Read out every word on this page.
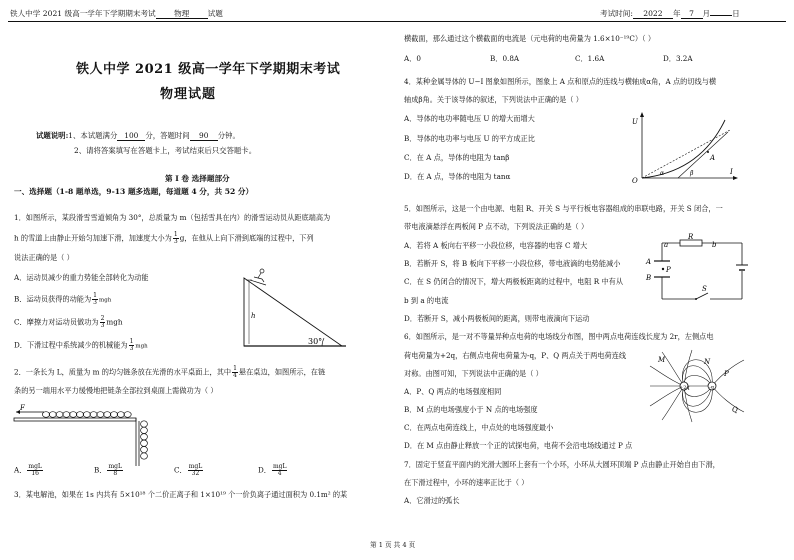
铁人中学 2021 级高一学年下学期期末考试 物理 试题	考试时间: 2022 年 7 月	日
铁人中学 2021 级高一学年下学期期末考试
物理试题
试题说明:1、本试题满分 100 分，答题时间 90 分钟。
2、请将答案填写在答题卡上，考试结束后只交答题卡。
第 I 卷 选择题部分
一、选择题（1-8 题单选，9-13 题多选题，每道题 4 分，共 52 分）
1．如图所示，某段滑雪雪道倾角为 30°，总质量为 m（包括雪具在内）的滑雪运动员从距底端高为
h 的雪道上由静止开始匀加速下滑，加速度大小为 $\frac{1}{3}$ g，在他从上向下滑到底端的过程中，下列
说法正确的是（ ）
A．运动员减少的重力势能全部转化为动能
B．运动员获得的动能为 $\frac{1}{3}$ mgh
C．摩擦力对运动员做功为 $\frac{2}{3}$ mgh
D．下滑过程中系统减少的机械能为 $\frac{1}{3}$ mgh
h
30°
2．一条长为 L，质量为 m 的均匀链条放在光滑的水平桌面上，其中 $\frac{1}{4}$ 悬在桌边，如图所示，在链
条的另一端用水平力缓慢地把链条全部拉到桌面上需做功为（ ）
F
A． $\frac{\text{mgL}}{16}$	B． $\frac{\text{mgL}}{8}$	C． $\frac{\text{mgL}}{32}$	D． $\frac{\text{mgL}}{4}$
3．某电解池，如果在 1s 内共有 5×10¹⁸ 个二价正离子和 1×10¹⁹ 个一价负离子通过面积为 0.1m² 的某
第 1 页 共 4 页
横截面，那么通过这个横截面的电流是（元电荷的电荷量为 1.6×10⁻¹⁹C）（ ）
A．0	B．0.8A	C．1.6A	D．3.2A
4．某种金属导体的 U−I 图象如图所示，图象上 A 点和原点的连线与横轴成α角，A 点的切线与横
轴成β角。关于该导体的叙述，下列说法中正确的是（ ）
A．导体的电功率随电压 U 的增大而增大
B．导体的电功率与电压 U 的平方成正比
C．在 A 点，导体的电阻为 tanβ
D．在 A 点，导体的电阻为 tanα
U
I
O
A
α	β
5．如图所示，这是一个由电源、电阻 R、开关 S 与平行板电容器组成的串联电路，开关 S 闭合，一
带电液滴悬浮在两板间 P 点不动，下列说法正确的是（ ）
A．若将 A 板向右平移一小段位移，电容器的电容 C 增大
B．若断开 S，将 B 板向下平移一小段位移，带电液滴的电势能减小
C．在 S 仍闭合的情况下，增大两极板距离的过程中，电阻 R 中有从
b 到 a 的电流
D．若断开 S，减小两极板间的距离，则带电液滴向下运动
R
a	b
A
B
P
S
6．如图所示，是一对不等量异种点电荷的电场线分布图，图中两点电荷连线长度为 2r，左侧点电
荷电荷量为+2q，右侧点电荷电荷量为-q，P、Q 两点关于两电荷连线
对称。由图可知，下列说法中正确的是（ ）
A．P、Q 两点的电场强度相同
B．M 点的电场强度小于 N 点的电场强度
C．在两点电荷连线上，中点处的电场强度最小
D．在 M 点由静止释放一个正的试探电荷，电荷不会沿电场线通过 P 点
+2q	-q
M	N
P
Q
7．固定于竖直平面内的光滑大圆环上套有一个小环，小环从大圆环顶端 P 点由静止开始自由下滑，
在下滑过程中，小环的速率正比于（ ）
A．它滑过的弧长
